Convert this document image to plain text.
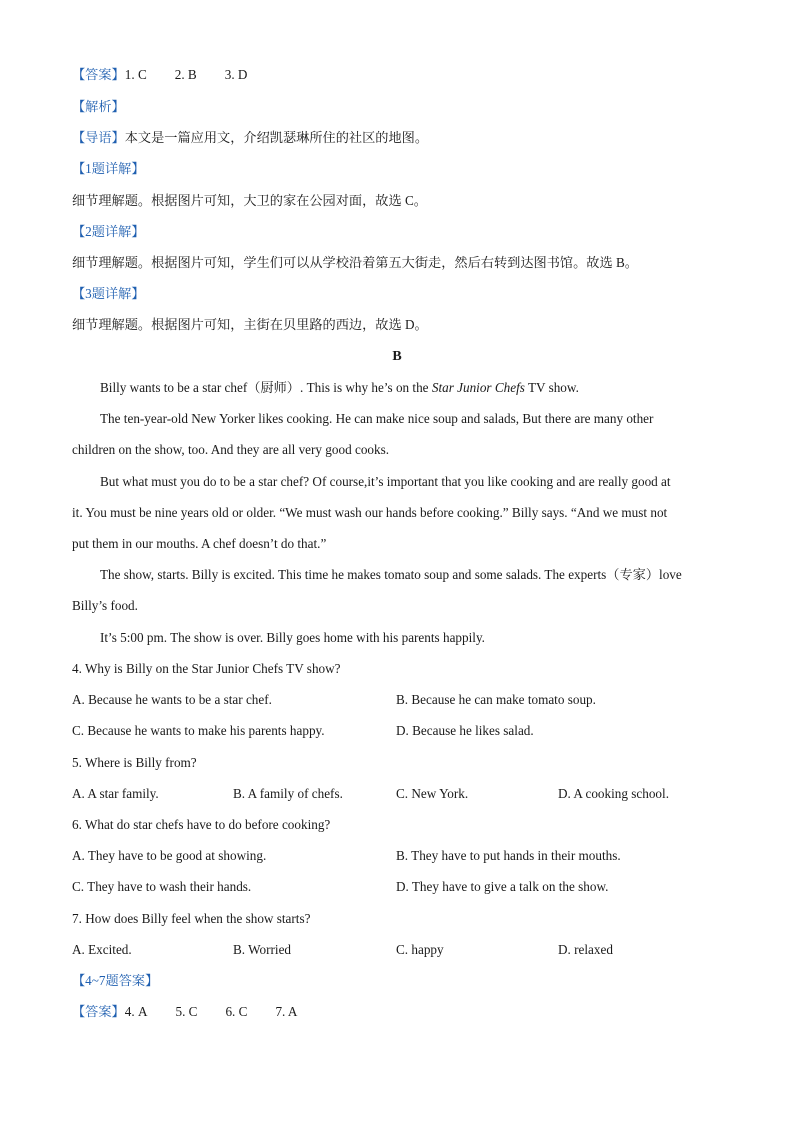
【答案】1. C 2. B 3. D
【解析】
【导语】本文是一篇应用文，介绍凯瑟琳所住的社区的地图。
【1题详解】
细节理解题。根据图片可知，大卫的家在公园对面，故选 C。
【2题详解】
细节理解题。根据图片可知，学生们可以从学校沿着第五大街走，然后右转到达图书馆。故选 B。
【3题详解】
细节理解题。根据图片可知，主街在贝里路的西边，故选 D。
B
Billy wants to be a star chef（厨师）. This is why he’s on the Star Junior Chefs TV show.
The ten-year-old New Yorker likes cooking. He can make nice soup and salads, But there are many other
children on the show, too. And they are all very good cooks.
But what must you do to be a star chef? Of course,it’s important that you like cooking and are really good at
it. You must be nine years old or older. “We must wash our hands before cooking.” Billy says. “And we must not
put them in our mouths. A chef doesn’t do that.”
The show, starts. Billy is excited. This time he makes tomato soup and some salads. The experts（专家）love
Billy’s food.
It’s 5:00 pm. The show is over. Billy goes home with his parents happily.
4. Why is Billy on the Star Junior Chefs TV show?
A. Because he wants to be a star chef.	B. Because he can make tomato soup.
C. Because he wants to make his parents happy.	D. Because he likes salad.
5. Where is Billy from?
A. A star family.	B. A family of chefs.	C. New York.	D. A cooking school.
6. What do star chefs have to do before cooking?
A. They have to be good at showing.	B. They have to put hands in their mouths.
C. They have to wash their hands.	D. They have to give a talk on the show.
7. How does Billy feel when the show starts?
A. Excited.	B. Worried	C. happy	D. relaxed
【4~7题答案】
【答案】4. A 5. C 6. C 7. A
